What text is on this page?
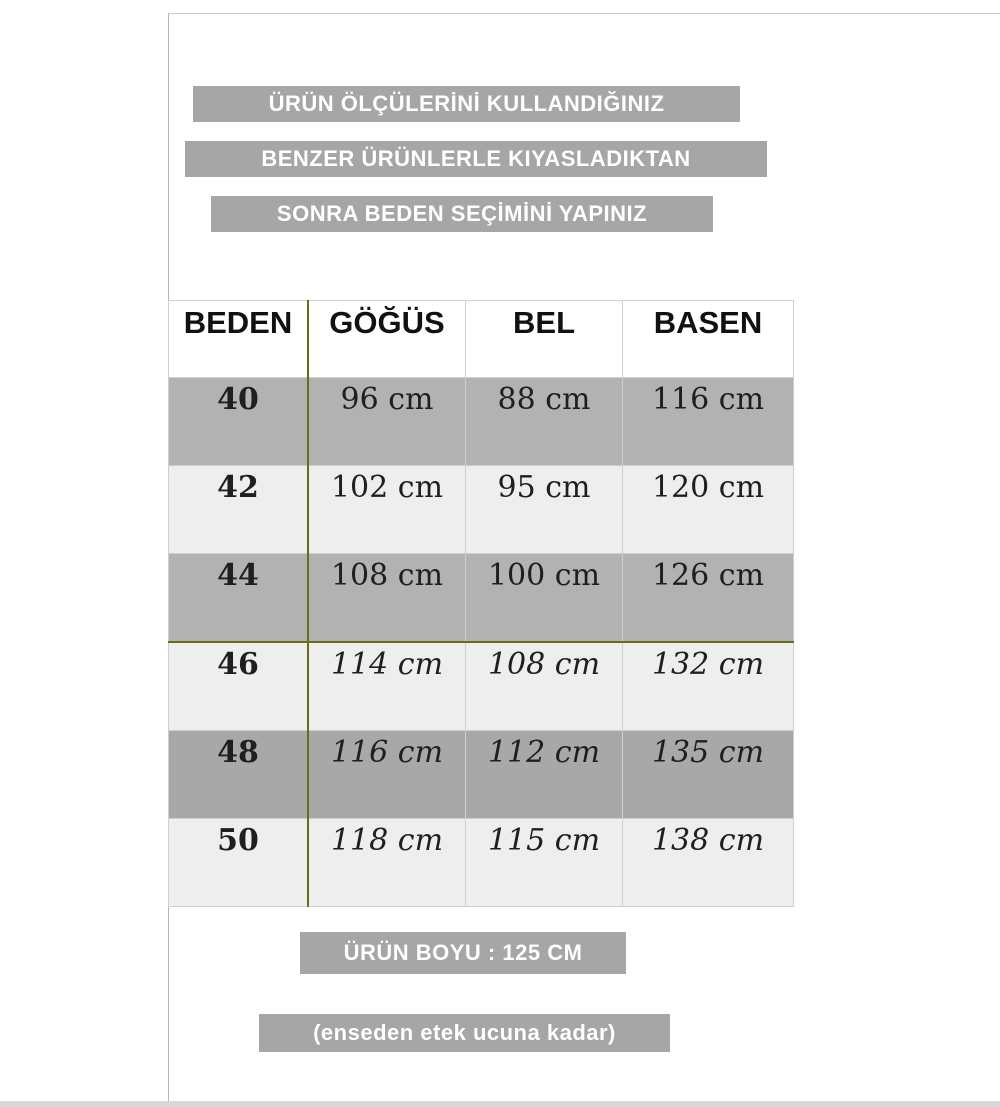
ÜRÜN ÖLÇÜLERİNİ KULLANDIĞINIZ
BENZER ÜRÜNLERLE KIYASLADIKTAN
SONRA BEDEN SEÇİMİNİ YAPINIZ
BEDEN	GÖĞÜS	BEL	BASEN
40	96 cm	88 cm	116 cm
42	102 cm	95 cm	120 cm
44	108 cm	100 cm	126 cm
46	114 cm	108 cm	132 cm
48	116 cm	112 cm	135 cm
50	118 cm	115 cm	138 cm
ÜRÜN BOYU : 125 CM
(enseden etek ucuna kadar)
